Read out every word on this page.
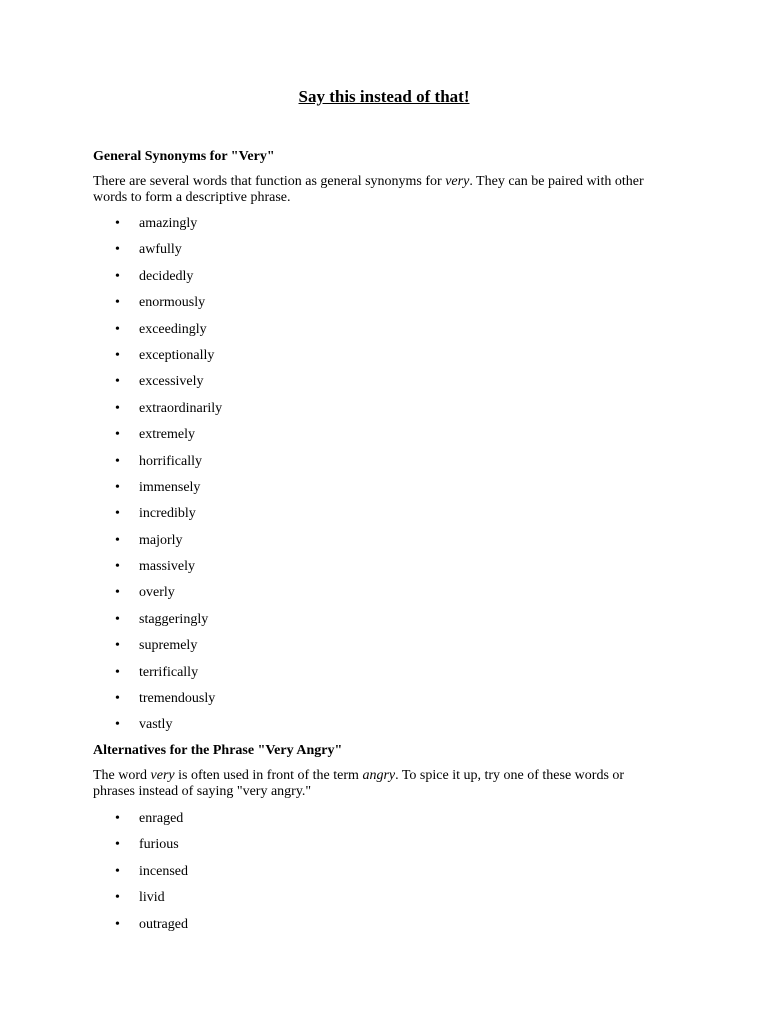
Say this instead of that!
General Synonyms for "Very"

There are several words that function as general synonyms for very. They can be paired with other words to form a descriptive phrase.

• amazingly
• awfully
• decidedly
• enormously
• exceedingly
• exceptionally
• excessively
• extraordinarily
• extremely
• horrifically
• immensely
• incredibly
• majorly
• massively
• overly
• staggeringly
• supremely
• terrifically
• tremendously
• vastly
Alternatives for the Phrase "Very Angry"

The word very is often used in front of the term angry. To spice it up, try one of these words or phrases instead of saying "very angry."

• enraged
• furious
• incensed
• livid
• outraged
